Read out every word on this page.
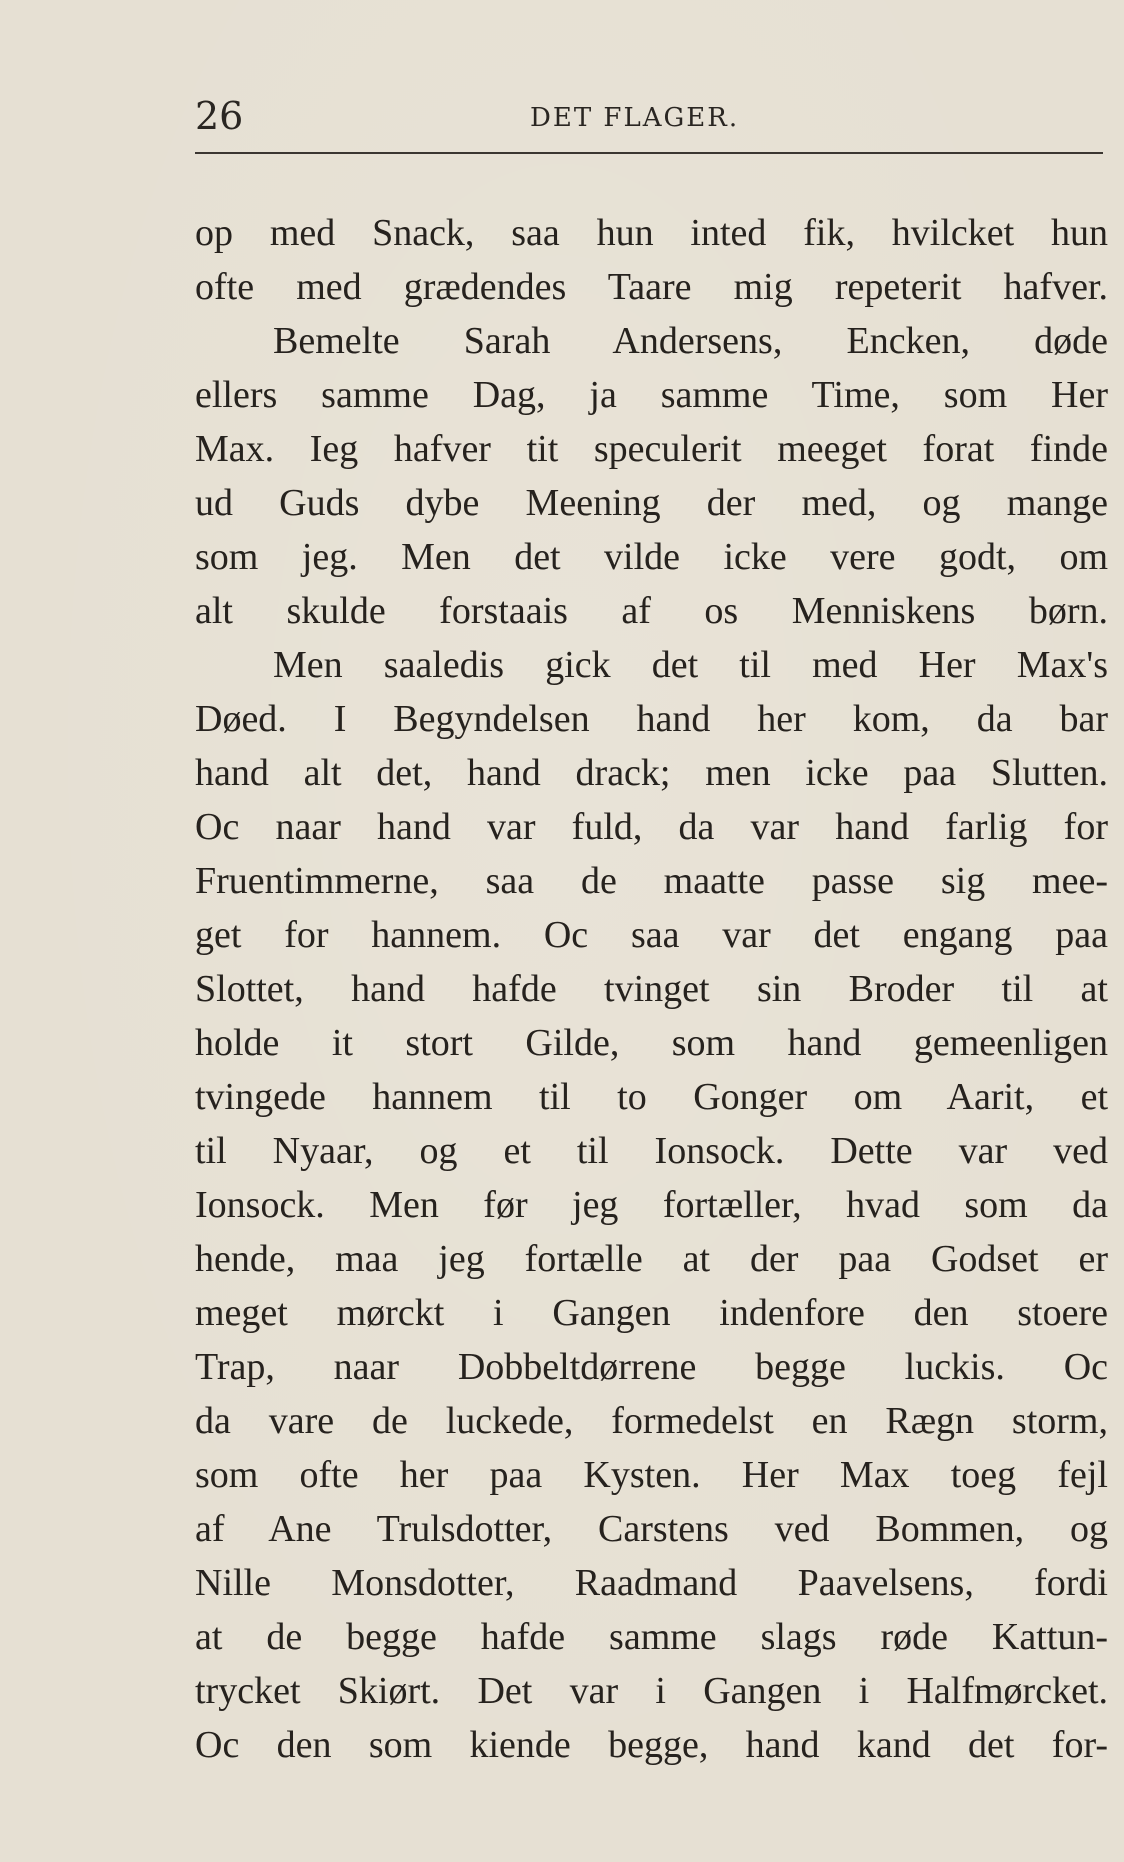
26	DET FLAGER.
op med Snack, saa hun inted fik, hvilcket hun
ofte med grædendes Taare mig repeterit hafver.
Bemelte Sarah Andersens, Encken, døde
ellers samme Dag, ja samme Time, som Her
Max. Ieg hafver tit speculerit meeget forat finde
ud Guds dybe Meening der med, og mange
som jeg. Men det vilde icke vere godt, om
alt skulde forstaais af os Menniskens børn.
Men saaledis gick det til med Her Max's
Døed. I Begyndelsen hand her kom, da bar
hand alt det, hand drack; men icke paa Slutten.
Oc naar hand var fuld, da var hand farlig for
Fruentimmerne, saa de maatte passe sig mee-
get for hannem. Oc saa var det engang paa
Slottet, hand hafde tvinget sin Broder til at
holde it stort Gilde, som hand gemeenligen
tvingede hannem til to Gonger om Aarit, et
til Nyaar, og et til Ionsock. Dette var ved
Ionsock. Men før jeg fortæller, hvad som da
hende, maa jeg fortælle at der paa Godset er
meget mørckt i Gangen indenfore den stoere
Trap, naar Dobbeltdørrene begge luckis. Oc
da vare de luckede, formedelst en Rægn storm,
som ofte her paa Kysten. Her Max toeg fejl
af Ane Trulsdotter, Carstens ved Bommen, og
Nille Monsdotter, Raadmand Paavelsens, fordi
at de begge hafde samme slags røde Kattun-
trycket Skiørt. Det var i Gangen i Halfmørcket.
Oc den som kiende begge, hand kand det for-
